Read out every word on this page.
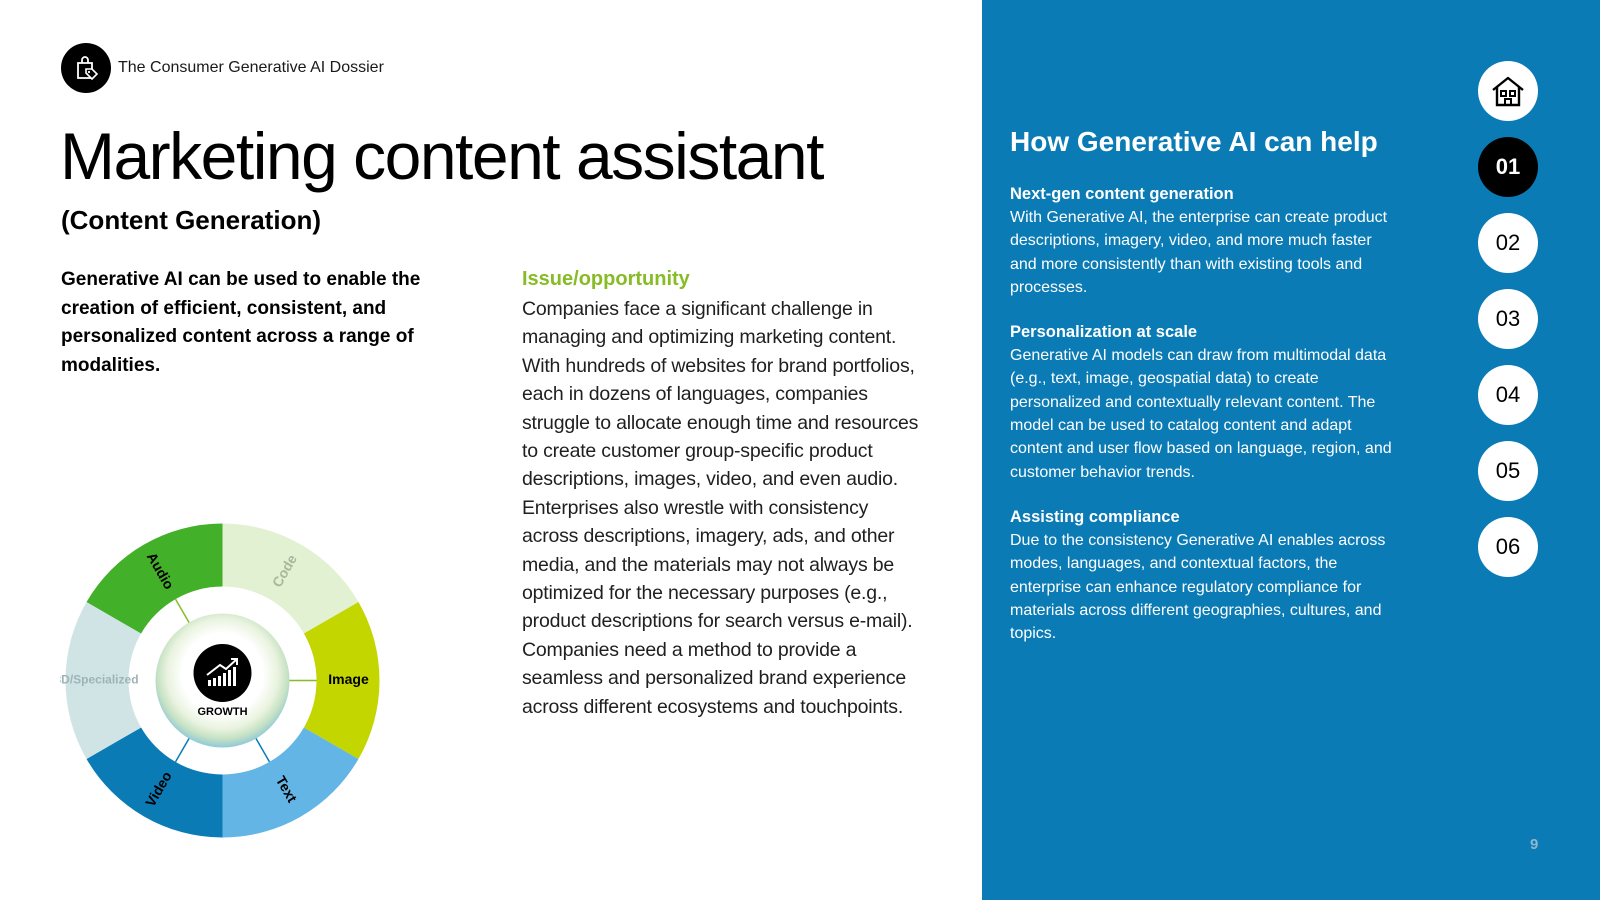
The Consumer Generative AI Dossier
Marketing content assistant
(Content Generation)

Generative AI can be used to enable the creation of efficient, consistent, and personalized content across a range of modalities.

Issue/opportunity

Companies face a significant challenge in managing and optimizing marketing content. With hundreds of websites for brand portfolios, each in dozens of languages, companies struggle to allocate enough time and resources to create customer group-specific product descriptions, images, video, and even audio. Enterprises also wrestle with consistency across descriptions, imagery, ads, and other media, and the materials may not always be optimized for the necessary purposes (e.g., product descriptions for search versus e-mail). Companies need a method to provide a seamless and personalized brand experience across different ecosystems and touchpoints.

Code
Image
Text
Video
3D/Specialized
Audio
GROWTH
How Generative AI can help

Next-gen content generation

With Generative AI, the enterprise can create product descriptions, imagery, video, and more much faster and more consistently than with existing tools and processes.

Personalization at scale

Generative AI models can draw from multimodal data (e.g., text, image, geospatial data) to create personalized and contextually relevant content. The model can be used to catalog content and adapt content and user flow based on language, region, and customer behavior trends.

Assisting compliance

Due to the consistency Generative AI enables across modes, languages, and contextual factors, the enterprise can enhance regulatory compliance for materials across different geographies, cultures, and topics.

01
02
03
04
05
06
9
